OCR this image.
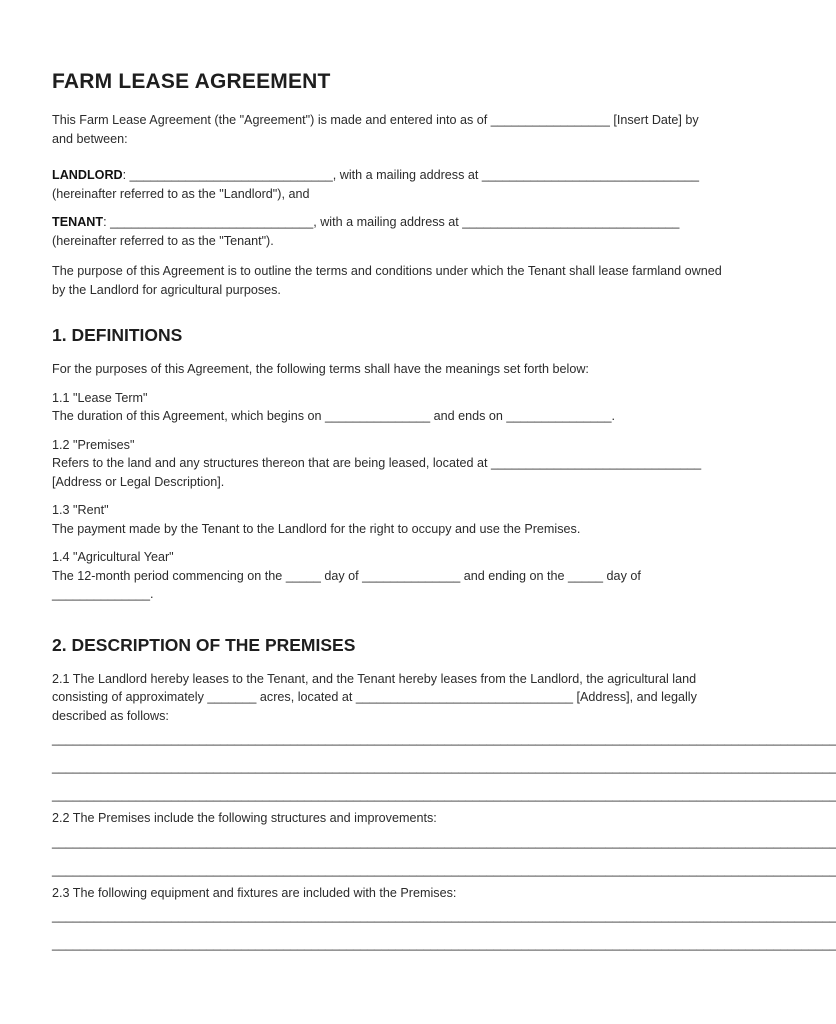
FARM LEASE AGREEMENT

This Farm Lease Agreement (the "Agreement") is made and entered into as of _________________ [Insert Date] by and between:

LANDLORD: _____________________________, with a mailing address at _______________________________ (hereinafter referred to as the "Landlord"), and

TENANT: _____________________________, with a mailing address at _______________________________ (hereinafter referred to as the "Tenant").

The purpose of this Agreement is to outline the terms and conditions under which the Tenant shall lease farmland owned by the Landlord for agricultural purposes.

1. DEFINITIONS

For the purposes of this Agreement, the following terms shall have the meanings set forth below:

1.1 "Lease Term"

The duration of this Agreement, which begins on _______________ and ends on _______________.

1.2 "Premises"

Refers to the land and any structures thereon that are being leased, located at ______________________________ [Address or Legal Description].

1.3 "Rent"

The payment made by the Tenant to the Landlord for the right to occupy and use the Premises.

1.4 "Agricultural Year"

The 12-month period commencing on the _____ day of ______________ and ending on the _____ day of ______________.

2. DESCRIPTION OF THE PREMISES

2.1 The Landlord hereby leases to the Tenant, and the Tenant hereby leases from the Landlord, the agricultural land consisting of approximately _______ acres, located at _______________________________ [Address], and legally described as follows:

________________________________________________________________________________________________________________

________________________________________________________________________________________________________________

________________________________________________________________________________________________________________

2.2 The Premises include the following structures and improvements:

________________________________________________________________________________________________________________

________________________________________________________________________________________________________________

2.3 The following equipment and fixtures are included with the Premises:

________________________________________________________________________________________________________________

________________________________________________________________________________________________________________
